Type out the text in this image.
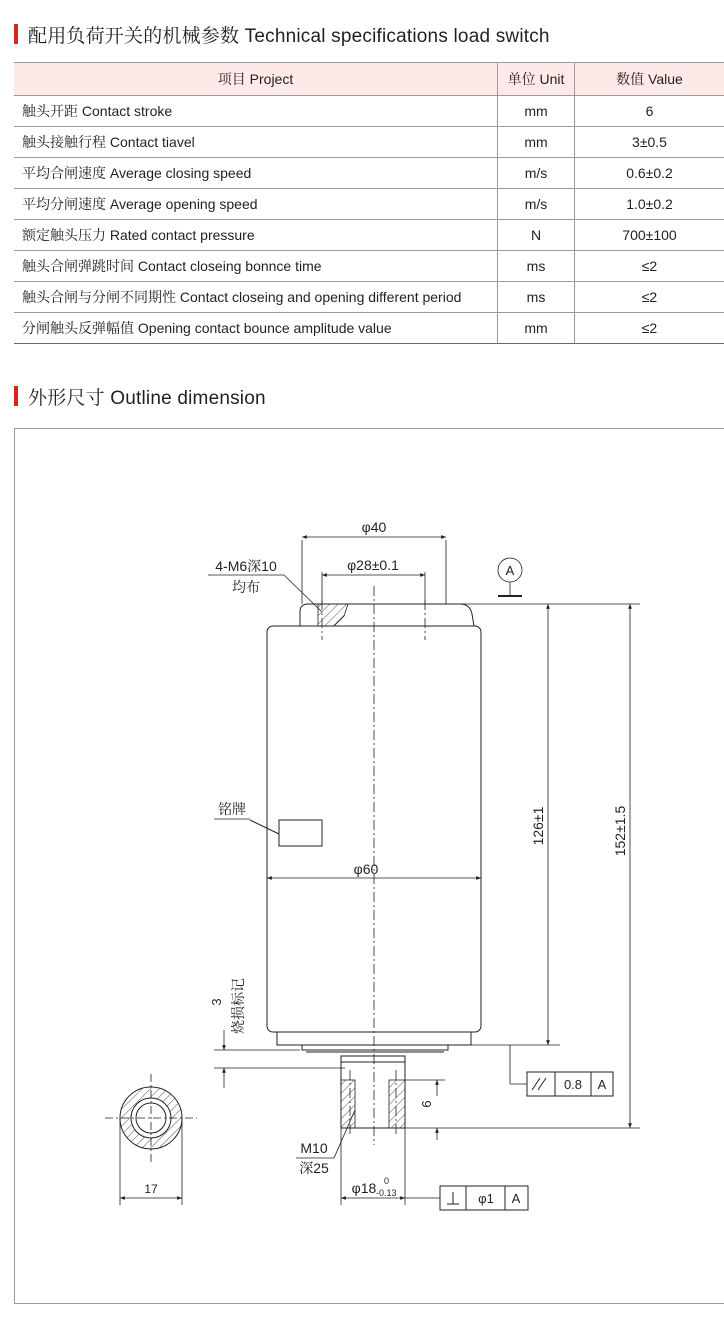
配用负荷开关的机械参数 Technical specifications load switch
项目 Project	单位 Unit	数值 Value
触头开距 Contact stroke	mm	6
触头接触行程 Contact tiavel	mm	3±0.5
平均合闸速度 Average closing speed	m/s	0.6±0.2
平均分闸速度 Average opening speed	m/s	1.0±0.2
额定触头压力 Rated contact pressure	N	700±100
触头合闸弹跳时间 Contact closeing bonnce time	ms	≤2
触头合闸与分闸不同期性 Contact closeing and opening different period	ms	≤2
分闸触头反弹幅值 Opening contact bounce amplitude value	mm	≤2
外形尺寸 Outline dimension
φ40
φ28±0.1
4-M6深10
均布
A
铭牌
φ60
126±1	152±1.5
3 烧损标记
0.8 A
6
M10
深25
φ18 0
-0.13	φ1 A
17
